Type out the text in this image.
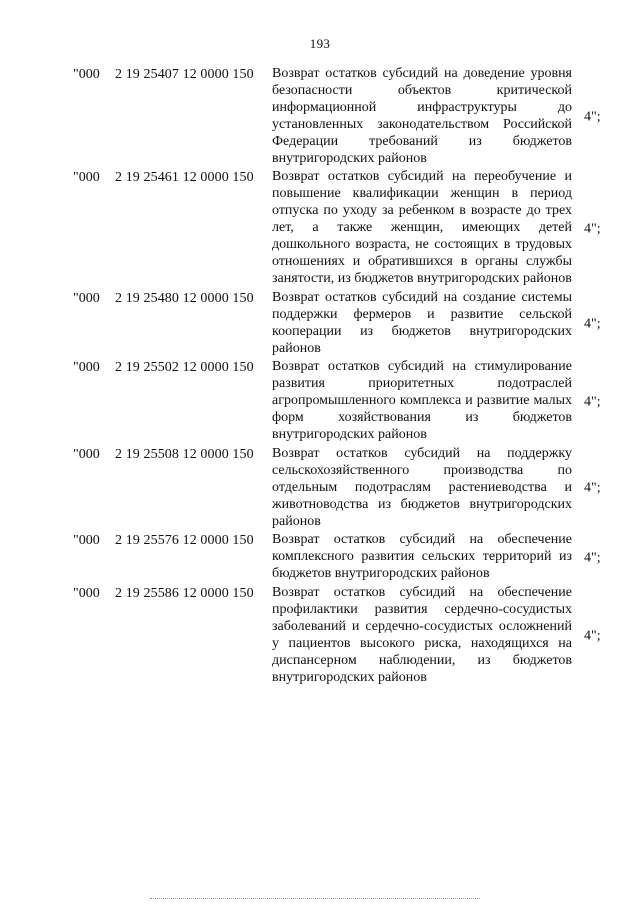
193
"000 2 19 25407 12 0000 150 Возврат остатков субсидий на доведение уровня безопасности объектов критической информационной инфраструктуры до установленных законодательством Российской Федерации требований из бюджетов внутригородских районов
4";
"000 2 19 25461 12 0000 150 Возврат остатков субсидий на переобучение и повышение квалификации женщин в период отпуска по уходу за ребенком в возрасте до трех лет, а также женщин, имеющих детей дошкольного возраста, не состоящих в трудовых отношениях и обратившихся в органы службы занятости, из бюджетов внутригородских районов
4";
"000 2 19 25480 12 0000 150 Возврат остатков субсидий на создание системы поддержки фермеров и развитие сельской кооперации из бюджетов внутригородских районов
4";
"000 2 19 25502 12 0000 150 Возврат остатков субсидий на стимулирование развития приоритетных подотраслей агропромышленного комплекса и развитие малых форм хозяйствования из бюджетов внутригородских районов
4";
"000 2 19 25508 12 0000 150 Возврат остатков субсидий на поддержку сельскохозяйственного производства по отдельным подотраслям растениеводства и животноводства из бюджетов внутригородских районов
4";
"000 2 19 25576 12 0000 150 Возврат остатков субсидий на обеспечение комплексного развития сельских территорий из бюджетов внутригородских районов
4";
"000 2 19 25586 12 0000 150 Возврат остатков субсидий на обеспечение профилактики развития сердечно-сосудистых заболеваний и сердечно-сосудистых осложнений у пациентов высокого риска, находящихся на диспансерном наблюдении, из бюджетов внутригородских районов
4";
